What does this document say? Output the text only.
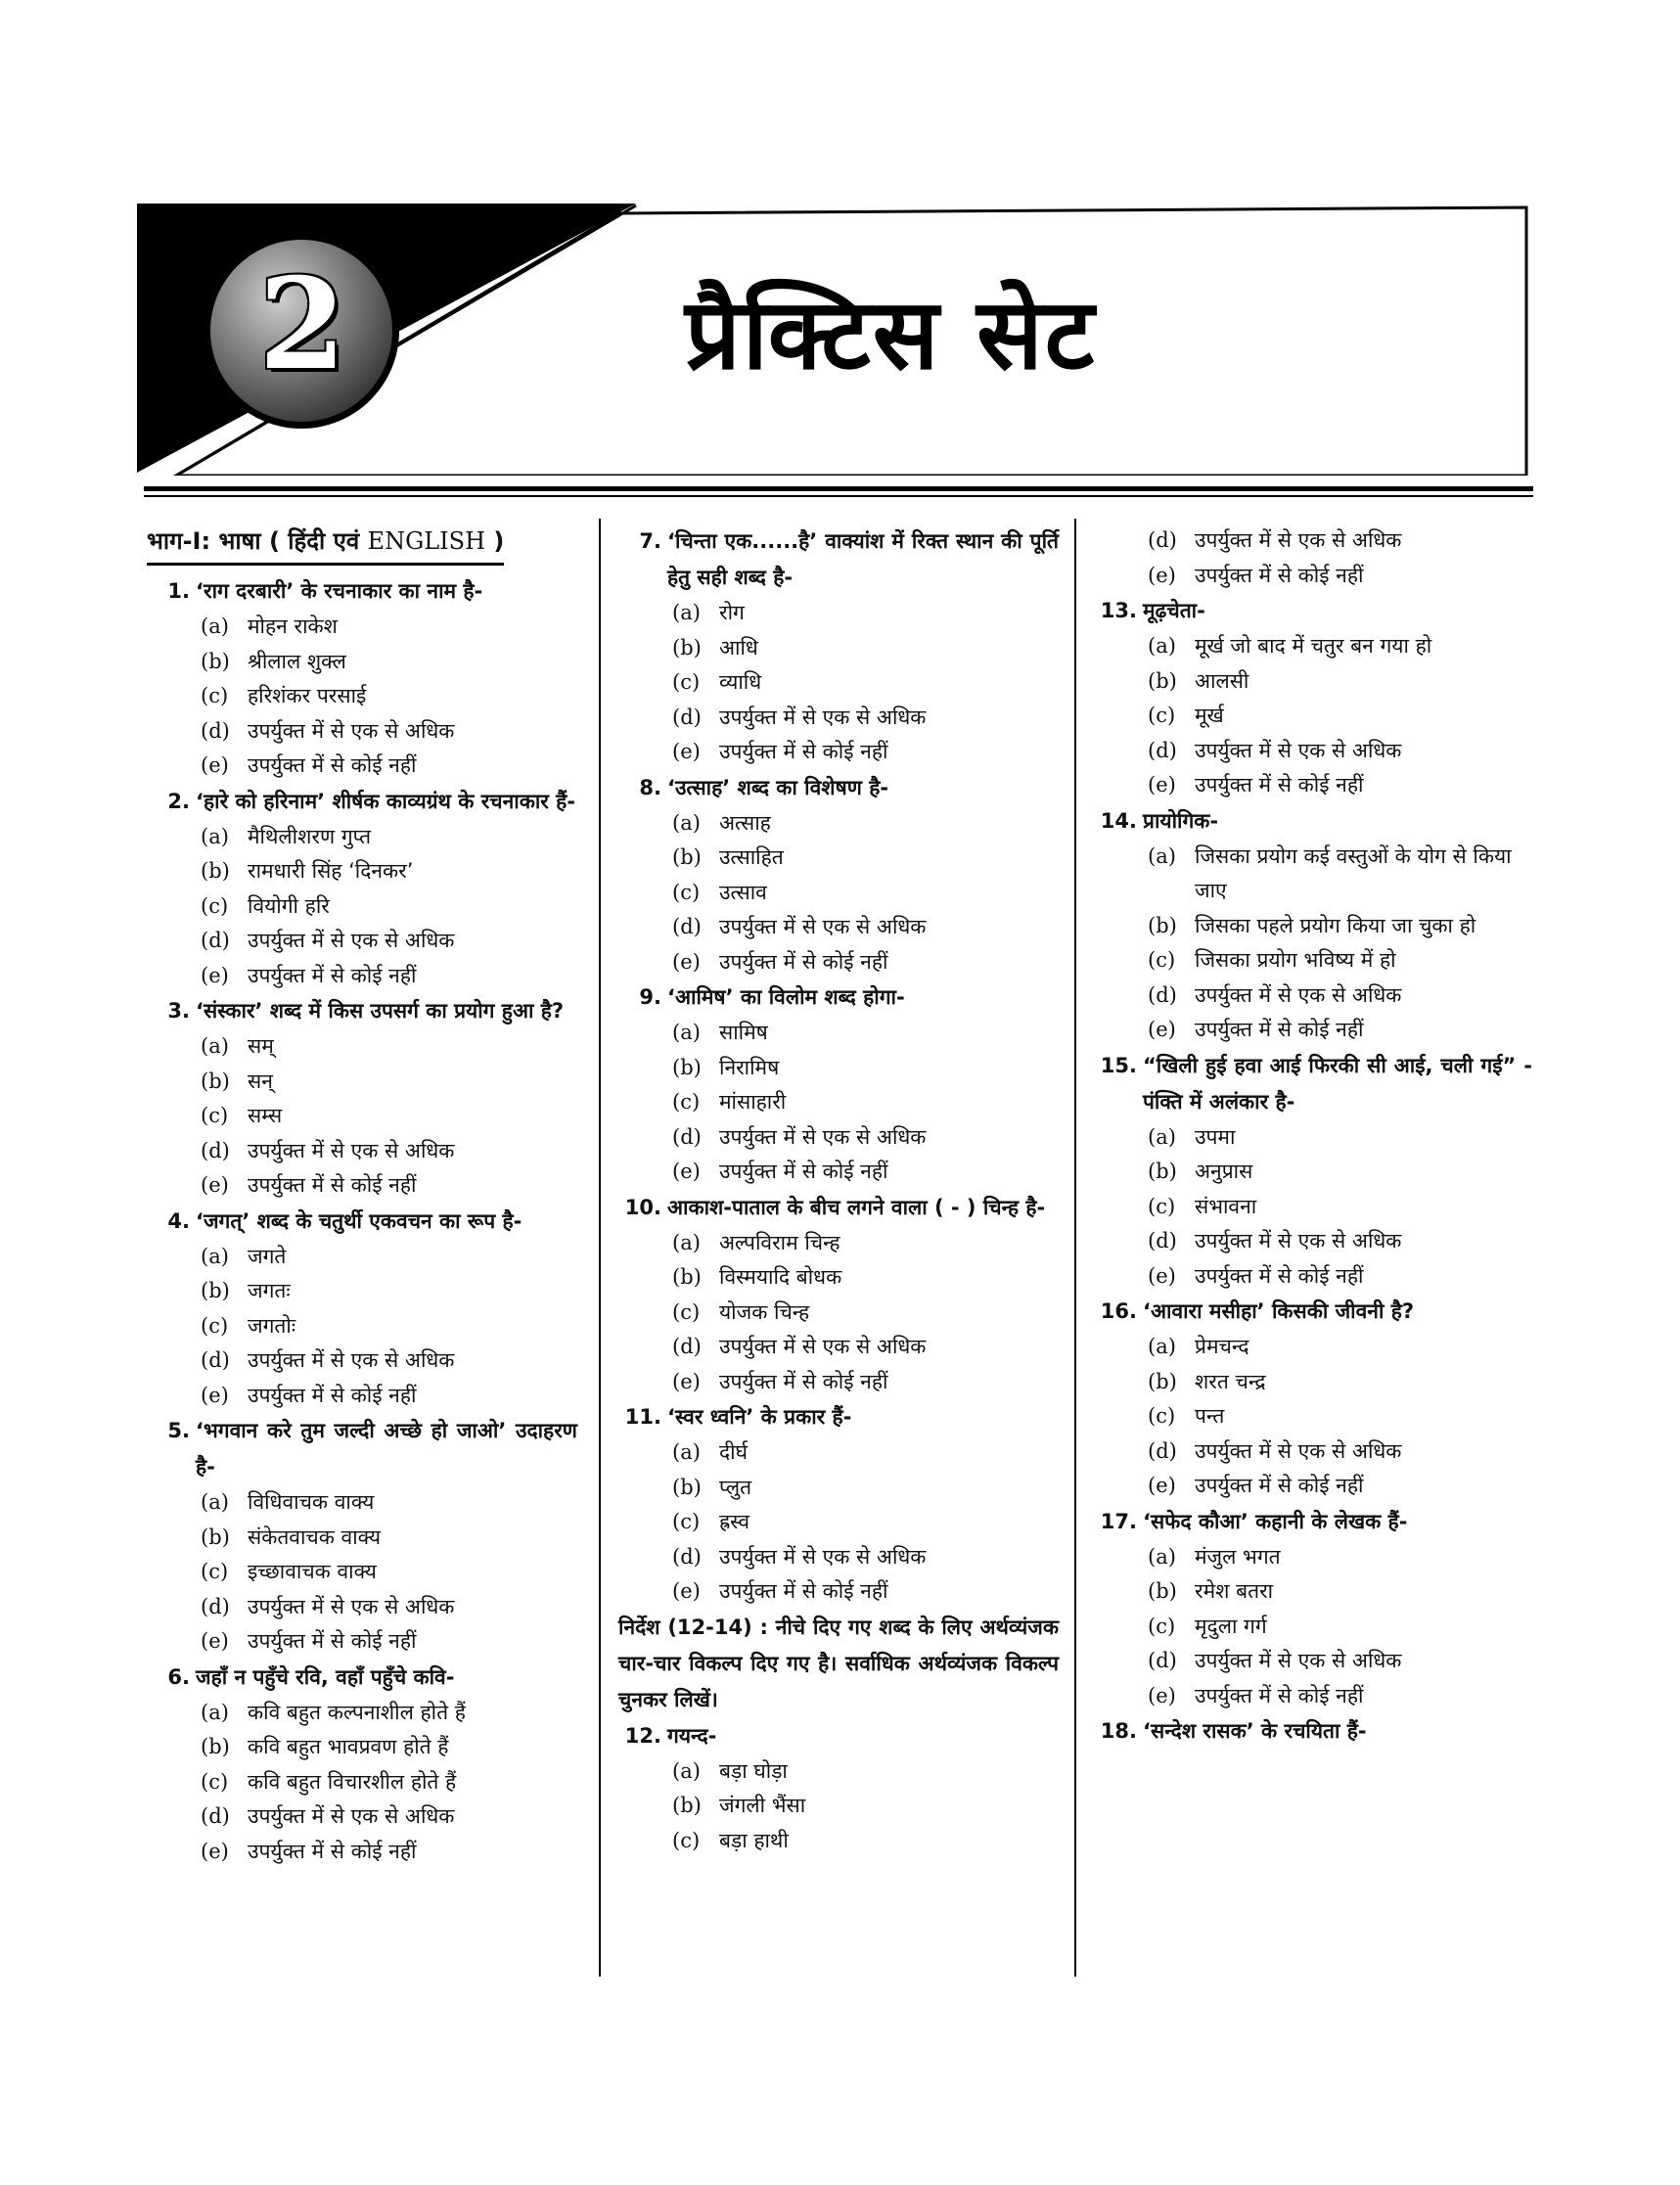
2	प्रैक्टिस सेट
भाग-I: भाषा ( हिंदी एवं ENGLISH )
1. ‘राग दरबारी’ के रचनाकार का नाम है-
(a) मोहन राकेश
(b) श्रीलाल शुक्ल
(c) हरिशंकर परसाई
(d) उपर्युक्त में से एक से अधिक
(e) उपर्युक्त में से कोई नहीं
2. ‘हारे को हरिनाम’ शीर्षक काव्यग्रंथ के रचनाकार हैं-
(a) मैथिलीशरण गुप्त
(b) रामधारी सिंह ‘दिनकर’
(c) वियोगी हरि
(d) उपर्युक्त में से एक से अधिक
(e) उपर्युक्त में से कोई नहीं
3. ‘संस्कार’ शब्द में किस उपसर्ग का प्रयोग हुआ है?
(a) सम्
(b) सन्
(c) सम्स
(d) उपर्युक्त में से एक से अधिक
(e) उपर्युक्त में से कोई नहीं
4. ‘जगत्’ शब्द के चतुर्थी एकवचन का रूप है-
(a) जगते
(b) जगतः
(c) जगतोः
(d) उपर्युक्त में से एक से अधिक
(e) उपर्युक्त में से कोई नहीं
5. ‘भगवान करे तुम जल्दी अच्छे हो जाओ’ उदाहरण है-
(a) विधिवाचक वाक्य
(b) संकेतवाचक वाक्य
(c) इच्छावाचक वाक्य
(d) उपर्युक्त में से एक से अधिक
(e) उपर्युक्त में से कोई नहीं
6. जहाँ न पहुँचे रवि, वहाँ पहुँचे कवि-
(a) कवि बहुत कल्पनाशील होते हैं
(b) कवि बहुत भावप्रवण होते हैं
(c) कवि बहुत विचारशील होते हैं
(d) उपर्युक्त में से एक से अधिक
(e) उपर्युक्त में से कोई नहीं
7. ‘चिन्ता एक......है’ वाक्यांश में रिक्त स्थान की पूर्ति हेतु सही शब्द है-
(a) रोग
(b) आधि
(c) व्याधि
(d) उपर्युक्त में से एक से अधिक
(e) उपर्युक्त में से कोई नहीं
8. ‘उत्साह’ शब्द का विशेषण है-
(a) अत्साह
(b) उत्साहित
(c) उत्साव
(d) उपर्युक्त में से एक से अधिक
(e) उपर्युक्त में से कोई नहीं
9. ‘आमिष’ का विलोम शब्द होगा-
(a) सामिष
(b) निरामिष
(c) मांसाहारी
(d) उपर्युक्त में से एक से अधिक
(e) उपर्युक्त में से कोई नहीं
10. आकाश-पाताल के बीच लगने वाला ( - ) चिन्ह है-
(a) अल्पविराम चिन्ह
(b) विस्मयादि बोधक
(c) योजक चिन्ह
(d) उपर्युक्त में से एक से अधिक
(e) उपर्युक्त में से कोई नहीं
11. ‘स्वर ध्वनि’ के प्रकार हैं-
(a) दीर्घ
(b) प्लुत
(c) ह्रस्व
(d) उपर्युक्त में से एक से अधिक
(e) उपर्युक्त में से कोई नहीं
निर्देश (12-14) : नीचे दिए गए शब्द के लिए अर्थव्यंजक चार-चार विकल्प दिए गए है। सर्वाधिक अर्थव्यंजक विकल्प चुनकर लिखें।
12. गयन्द-
(a) बड़ा घोड़ा
(b) जंगली भैंसा
(c) बड़ा हाथी
(d) उपर्युक्त में से एक से अधिक
(e) उपर्युक्त में से कोई नहीं
13. मूढ़चेता-
(a) मूर्ख जो बाद में चतुर बन गया हो
(b) आलसी
(c) मूर्ख
(d) उपर्युक्त में से एक से अधिक
(e) उपर्युक्त में से कोई नहीं
14. प्रायोगिक-
(a) जिसका प्रयोग कई वस्तुओं के योग से किया जाए
(b) जिसका पहले प्रयोग किया जा चुका हो
(c) जिसका प्रयोग भविष्य में हो
(d) उपर्युक्त में से एक से अधिक
(e) उपर्युक्त में से कोई नहीं
15. “खिली हुई हवा आई फिरकी सी आई, चली गई” - पंक्ति में अलंकार है-
(a) उपमा
(b) अनुप्रास
(c) संभावना
(d) उपर्युक्त में से एक से अधिक
(e) उपर्युक्त में से कोई नहीं
16. ‘आवारा मसीहा’ किसकी जीवनी है?
(a) प्रेमचन्द
(b) शरत चन्द्र
(c) पन्त
(d) उपर्युक्त में से एक से अधिक
(e) उपर्युक्त में से कोई नहीं
17. ‘सफेद कौआ’ कहानी के लेखक हैं-
(a) मंजुल भगत
(b) रमेश बतरा
(c) मृदुला गर्ग
(d) उपर्युक्त में से एक से अधिक
(e) उपर्युक्त में से कोई नहीं
18. ‘सन्देश रासक’ के रचयिता हैं-
